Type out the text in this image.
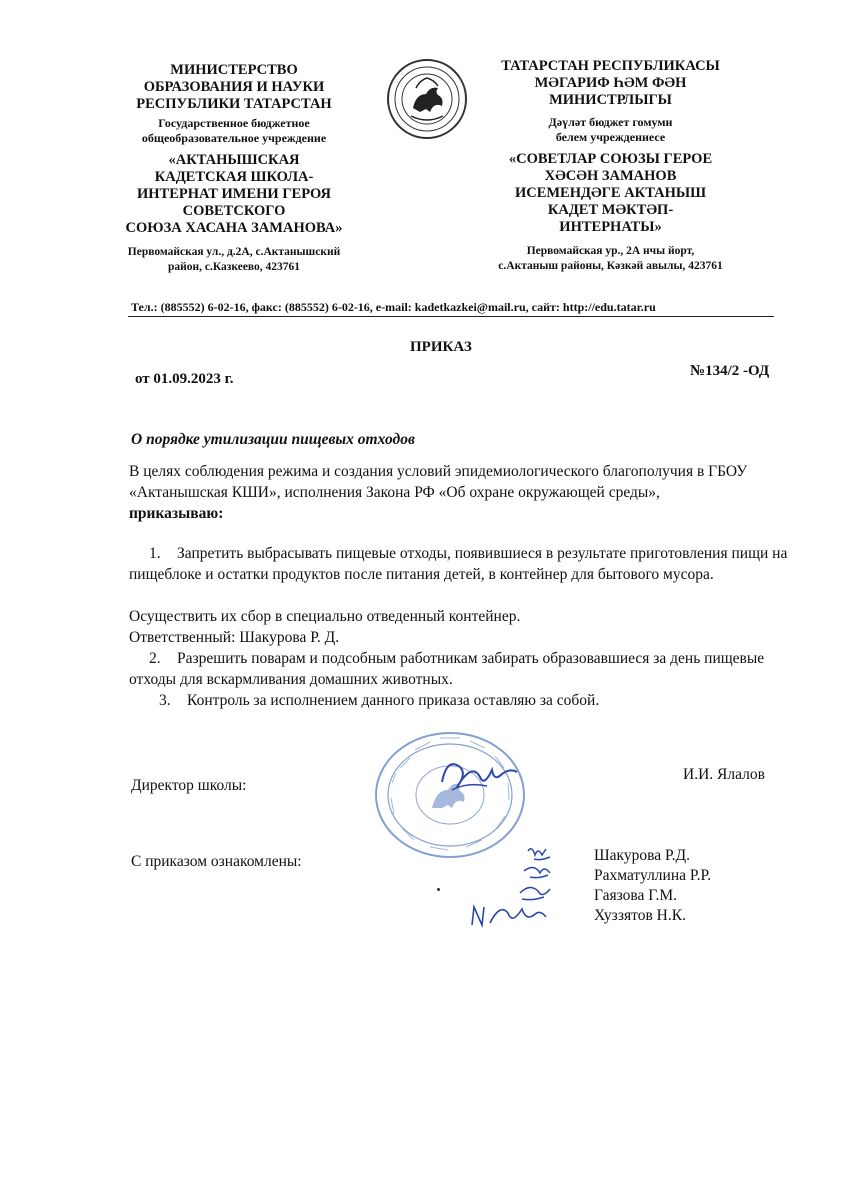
МИНИСТЕРСТВО
ОБРАЗОВАНИЯ И НАУКИ
РЕСПУБЛИКИ ТАТАРСТАН
Государственное бюджетное
общеобразовательное учреждение
«АКТАНЫШСКАЯ
КАДЕТСКАЯ ШКОЛА-
ИНТЕРНАТ ИМЕНИ ГЕРОЯ
СОВЕТСКОГО
СОЮЗА ХАСАНА ЗАМАНОВА»
Первомайская ул., д.2А, с.Актанышский
район, с.Казкеево, 423761
ТАТАРСТАН РЕСПУБЛИКАСЫ
МӘГАРИФ ҺӘМ ФӘН
МИНИСТРЛЫГЫ
Дәүләт бюджет гомуми
белем учреждениесе
«СОВЕТЛАР СОЮЗЫ ГЕРОЕ
ХӘСӘН ЗАМАНОВ
ИСЕМЕНДӘГЕ АКТАНЫШ
КАДЕТ МӘКТӘП-
ИНТЕРНАТЫ»
Первомайская ур., 2А нчы йорт,
с.Актаныш районы, Кәзкәй авылы, 423761
Тел.: (885552) 6-02-16, факс: (885552) 6-02-16, e-mail: kadetkazkei@mail.ru, сайт: http://edu.tatar.ru
ПРИКАЗ
от 01.09.2023 г.	№134/2 -ОД
О порядке утилизации пищевых отходов
В целях соблюдения режима и создания условий эпидемиологического благополучия в ГБОУ «Актанышская КШИ», исполнения Закона РФ «Об охране окружающей среды»,
приказываю:
1. Запретить выбрасывать пищевые отходы, появившиеся в результате приготовления пищи на пищеблоке и остатки продуктов после питания детей, в контейнер для бытового мусора.
Осуществить их сбор в специально отведенный контейнер.
Ответственный: Шакурова Р. Д.
2. Разрешить поварам и подсобным работникам забирать образовавшиеся за день пищевые отходы для вскармливания домашних животных.
3. Контроль за исполнением данного приказа оставляю за собой.
Директор школы:
И.И. Ялалов
С приказом ознакомлены:	Шакурова Р.Д.
Рахматуллина Р.Р.
Гаязова Г.М.
Хуззятов Н.К.
